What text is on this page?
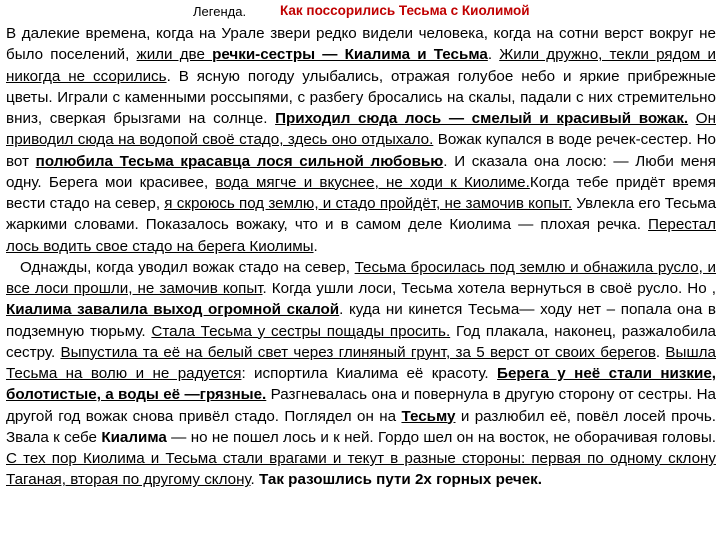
Легенда.	Как поссорились Тесьма с Киолимой

В далекие времена, когда на Урале звери редко видели человека, когда на сотни верст вокруг не было поселений, жили две речки-сестры — Киалима и Тесьма. Жили дружно, текли рядом и никогда не ссорились. В ясную погоду улыбались, отражая голубое небо и яркие прибрежные цветы. Играли с каменными россыпями, с разбегу бросались на скалы, падали с них стремительно вниз, сверкая брызгами на солнце. Приходил сюда лось — смелый и красивый вожак. Он приводил сюда на водопой своё стадо, здесь оно отдыхало. Вожак купался в воде речек-сестер. Но вот полюбила Тесьма красавца лося сильной любовью. И сказала она лосю: — Люби меня одну. Берега мои красивее, вода мягче и вкуснее, не ходи к Киолиме.Когда тебе придёт время вести стадо на север, я скроюсь под землю, и стадо пройдёт, не замочив копыт. Увлекла его Тесьма жаркими словами. Показалось вожаку, что и в самом деле Киолима — плохая речка. Перестал лось водить свое стадо на берега Киолимы.

Однажды, когда уводил вожак стадо на север, Тесьма бросилась под землю и обнажила русло, и все лоси прошли, не замочив копыт. Когда ушли лоси, Тесьма хотела вернуться в своё русло. Но , Киалима завалила выход огромной скалой. куда ни кинется Тесьма— ходу нет – попала она в подземную тюрьму. Стала Тесьма у сестры пощады просить. Год плакала, наконец, разжалобила сестру. Выпустила та её на белый свет через глиняный грунт, за 5 верст от своих берегов. Вышла Тесьма на волю и не радуется: испортила Киалима её красоту. Берега у неё стали низкие, болотистые, а воды её —грязные. Разгневалась она и повернула в другую сторону от сестры. На другой год вожак снова привёл стадо. Поглядел он на Тесьму и разлюбил её, повёл лосей прочь. Звала к себе Киалима — но не пошел лось и к ней. Гордо шел он на восток, не оборачивая головы. С тех пор Киолима и Тесьма стали врагами и текут в разные стороны: первая по одному склону Таганая, вторая по другому склону. Так разошлись пути 2х горных речек.
